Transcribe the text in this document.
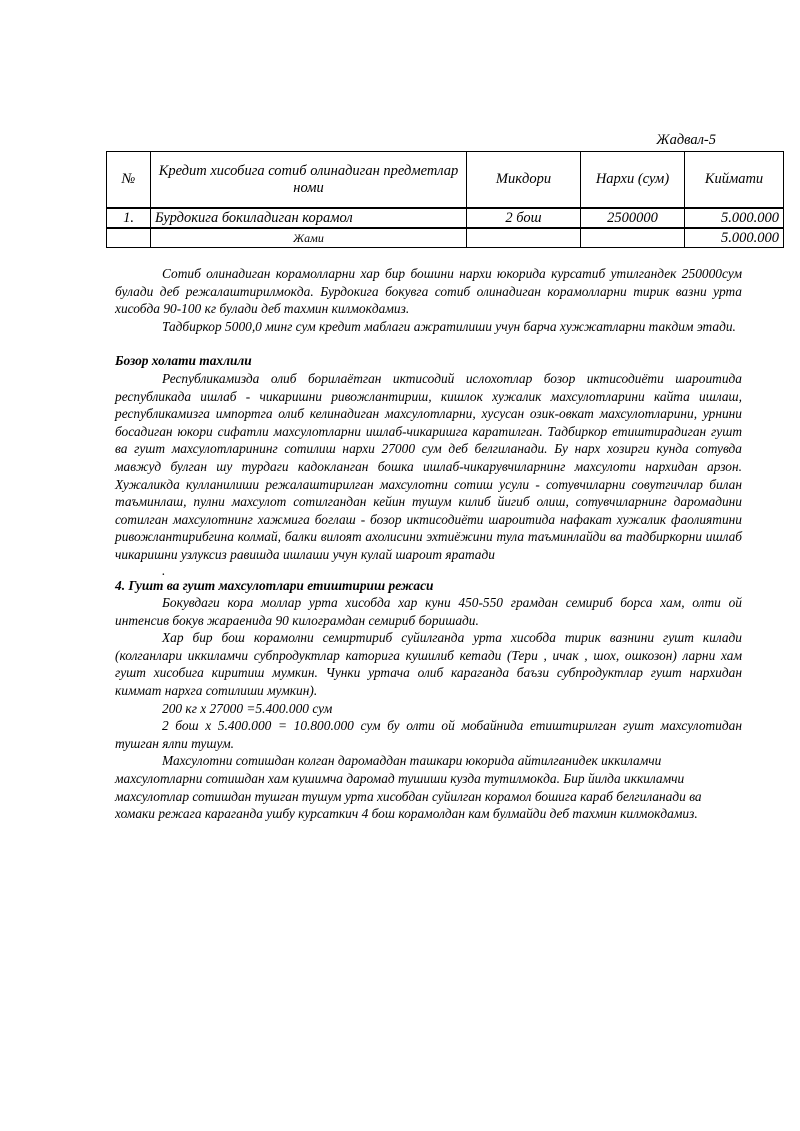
Жадвал-5
№	Кредит хисобига сотиб олинадиган предметлар номи	Микдори	Нархи (сум)	Киймати
1.	Бурдокига бокиладиган корамол	2 бош	2500000	5.000.000
	Жами			5.000.000

Сотиб олинадиган корамолларни хар бир бошини нархи юкорида курсатиб утилгандек 250000сум булади деб режалаштирилмокда. Бурдокига бокувга сотиб олинадиган корамолларни тирик вазни урта хисобда 90-100 кг булади деб тахмин килмокдамиз.

Тадбиркор 5000,0 минг сум кредит маблаги ажратилиши учун барча хужжатларни такдим этади.

Бозор холати тахлили

Республикамизда олиб борилаётган иктисодий ислохотлар бозор иктисодиёти шароитида республикада ишлаб - чикаришни ривожлантириш, кишлок хужалик махсулотларини кайта ишлаш, республикамизга импортга олиб келинадиган махсулотларни, хусусан озик-овкат махсулотларини, урнини босадиган юкори сифатли махсулотларни ишлаб-чикаришга каратилган. Тадбиркор етиштирадиган гушт ва гушт махсулотларининг сотилиш нархи 27000 сум деб белгиланади. Бу нарх хозирги кунда сотувда мавжуд булган шу турдаги кадокланган бошка ишлаб-чикарувчиларнинг махсулоти нархидан арзон. Хужаликда кулланилиши режалаштирилган махсулотни сотиш усули - сотувчиларни совутгичлар билан таъминлаш, пулни махсулот сотилгандан кейин тушум килиб йигиб олиш, сотувчиларнинг даромадини сотилган махсулотнинг хажмига боглаш - бозор иктисодиёти шароитида нафакат хужалик фаолиятини ривожлантирибгина колмай, балки вилоят ахолисини эхтиёжини тула таъминлайди ва тадбиркорни ишлаб чикаришни узлуксиз равишда ишлаши учун кулай шароит яратади

.
4. Гушт ва гушт махсулотлари етиштириш режаси

Бокувдаги кора моллар урта хисобда хар куни 450-550 грамдан семириб борса хам, олти ой интенсив бокув жараенида 90 килограмдан семириб боришади.

Хар бир бош корамолни семиртириб суйилганда урта хисобда тирик вазнини гушт килади (колганлари иккиламчи субпродуктлар каторига кушилиб кетади (Тери , ичак , шох, ошкозон) ларни хам гушт хисобига киритиш мумкин. Чунки уртача олиб караганда баъзи субпродуктлар гушт нархидан киммат нархга сотилиши мумкин).

200 кг х 27000 =5.400.000 сум

2 бош х 5.400.000 = 10.800.000 сум бу олти ой мобайнида етиштирилган гушт махсулотидан тушган ялпи тушум.

Махсулотни сотишдан колган даромаддан ташкари юкорида айтилганидек иккиламчи махсулотларни сотишдан хам кушимча даромад тушиши кузда тутилмокда. Бир йилда иккиламчи махсулотлар сотишдан тушган тушум урта хисобдан суйилган корамол бошига караб белгиланади ва хомаки режага караганда ушбу курсаткич 4 бош корамолдан кам булмайди деб тахмин килмокдамиз.
